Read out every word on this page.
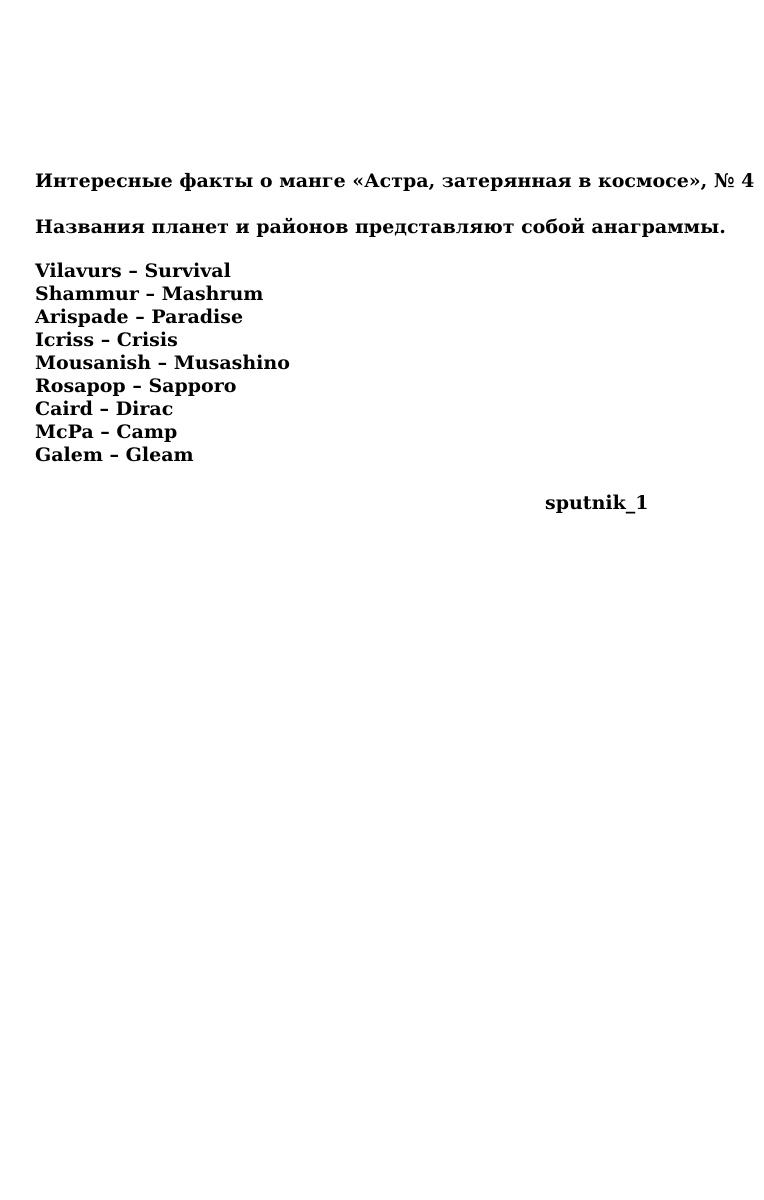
Интересные факты о манге «Астра, затерянная в космосе», № 4

Названия планет и районов представляют собой анаграммы.

Vilavurs – Survival
Shammur – Mashrum
Arispade – Paradise
Icriss – Crisis
Mousanish – Musashino
Rosapop – Sapporo
Caird – Dirac
McPa – Camp
Galem – Gleam
sputnik_1
